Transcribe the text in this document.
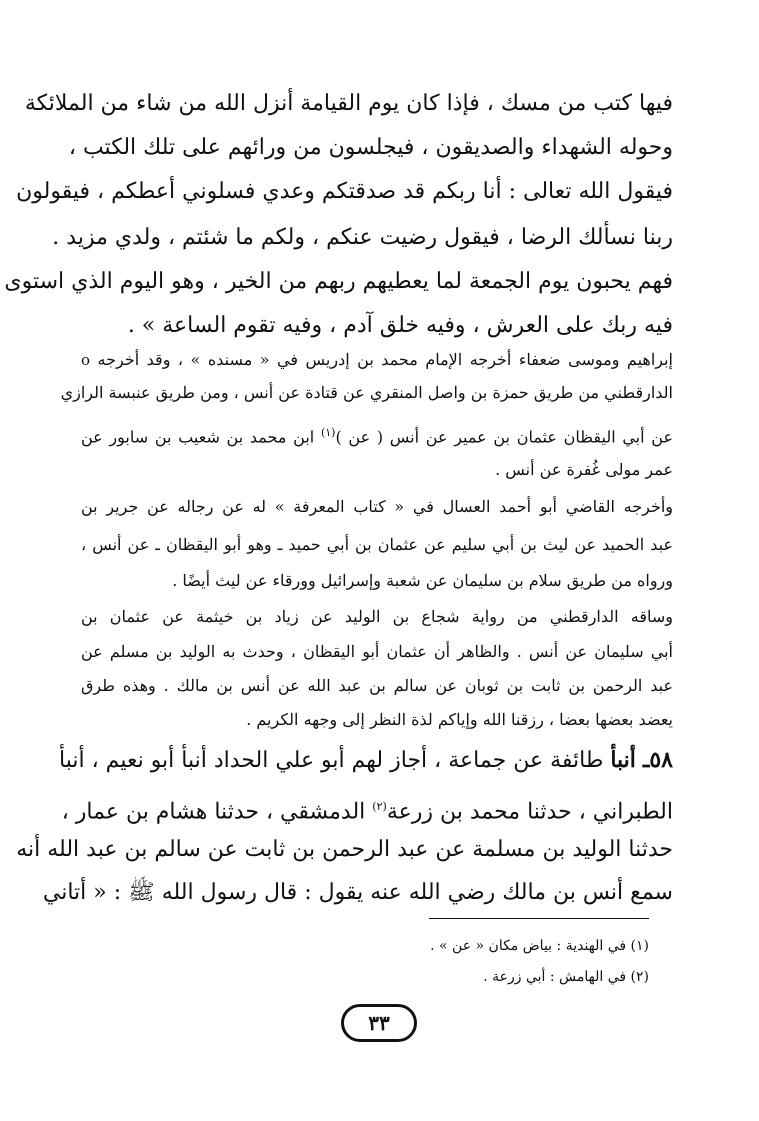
فيها كتب من مسك ، فإذا كان يوم القيامة أنزل الله من شاء من الملائكة
وحوله الشهداء والصديقون ، فيجلسون من ورائهم على تلك الكتب ،
فيقول الله تعالى : أنا ربكم قد صدقتكم وعدي فسلوني أعطكم ، فيقولون
ربنا نسألك الرضا ، فيقول رضيت عنكم ، ولكم ما شئتم ، ولدي مزيد .
فهم يحبون يوم الجمعة لما يعطيهم ربهم من الخير ، وهو اليوم الذي استوى
فيه ربك على العرش ، وفيه خلق آدم ، وفيه تقوم الساعة » .
o إبراهيم وموسى ضعفاء أخرجه الإمام محمد بن إدريس في « مسنده » ، وقد أخرجه
الدارقطني من طريق حمزة بن واصل المنقري عن قتادة عن أنس ، ومن طريق عنبسة الرازي
عن أبي اليقظان عثمان بن عمير عن أنس ( عن )$^{(١)}$ ابن محمد بن شعيب بن سابور عن
عمر مولى غُفرة عن أنس .
وأخرجه القاضي أبو أحمد العسال في « كتاب المعرفة » له عن رجاله عن جرير بن
عبد الحميد عن ليث بن أبي سليم عن عثمان بن أبي حميد ـ وهو أبو اليقظان ـ عن أنس ،
ورواه من طريق سلام بن سليمان عن شعبة وإسرائيل وورقاء عن ليث أيضًا .
وساقه الدارقطني من رواية شجاع بن الوليد عن زياد بن خيثمة عن عثمان بن
أبي سليمان عن أنس . والظاهر أن عثمان أبو اليقظان ، وحدث به الوليد بن مسلم عن
عبد الرحمن بن ثابت بن ثوبان عن سالم بن عبد الله عن أنس بن مالك . وهذه طرق
يعضد بعضها بعضا ، رزقنا الله وإياكم لذة النظر إلى وجهه الكريم .
٥٨ـ أنبأ طائفة عن جماعة ، أجاز لهم أبو علي الحداد أنبأ أبو نعيم ، أنبأ
الطبراني ، حدثنا محمد بن زرعة$^{(٢)}$ الدمشقي ، حدثنا هشام بن عمار ،
حدثنا الوليد بن مسلمة عن عبد الرحمن بن ثابت عن سالم بن عبد الله أنه
سمع أنس بن مالك رضي الله عنه يقول : قال رسول الله ﷺ : « أتاني
(١) في الهندية : بياض مكان « عن » .
(٢) في الهامش : أبي زرعة .
٣٣
